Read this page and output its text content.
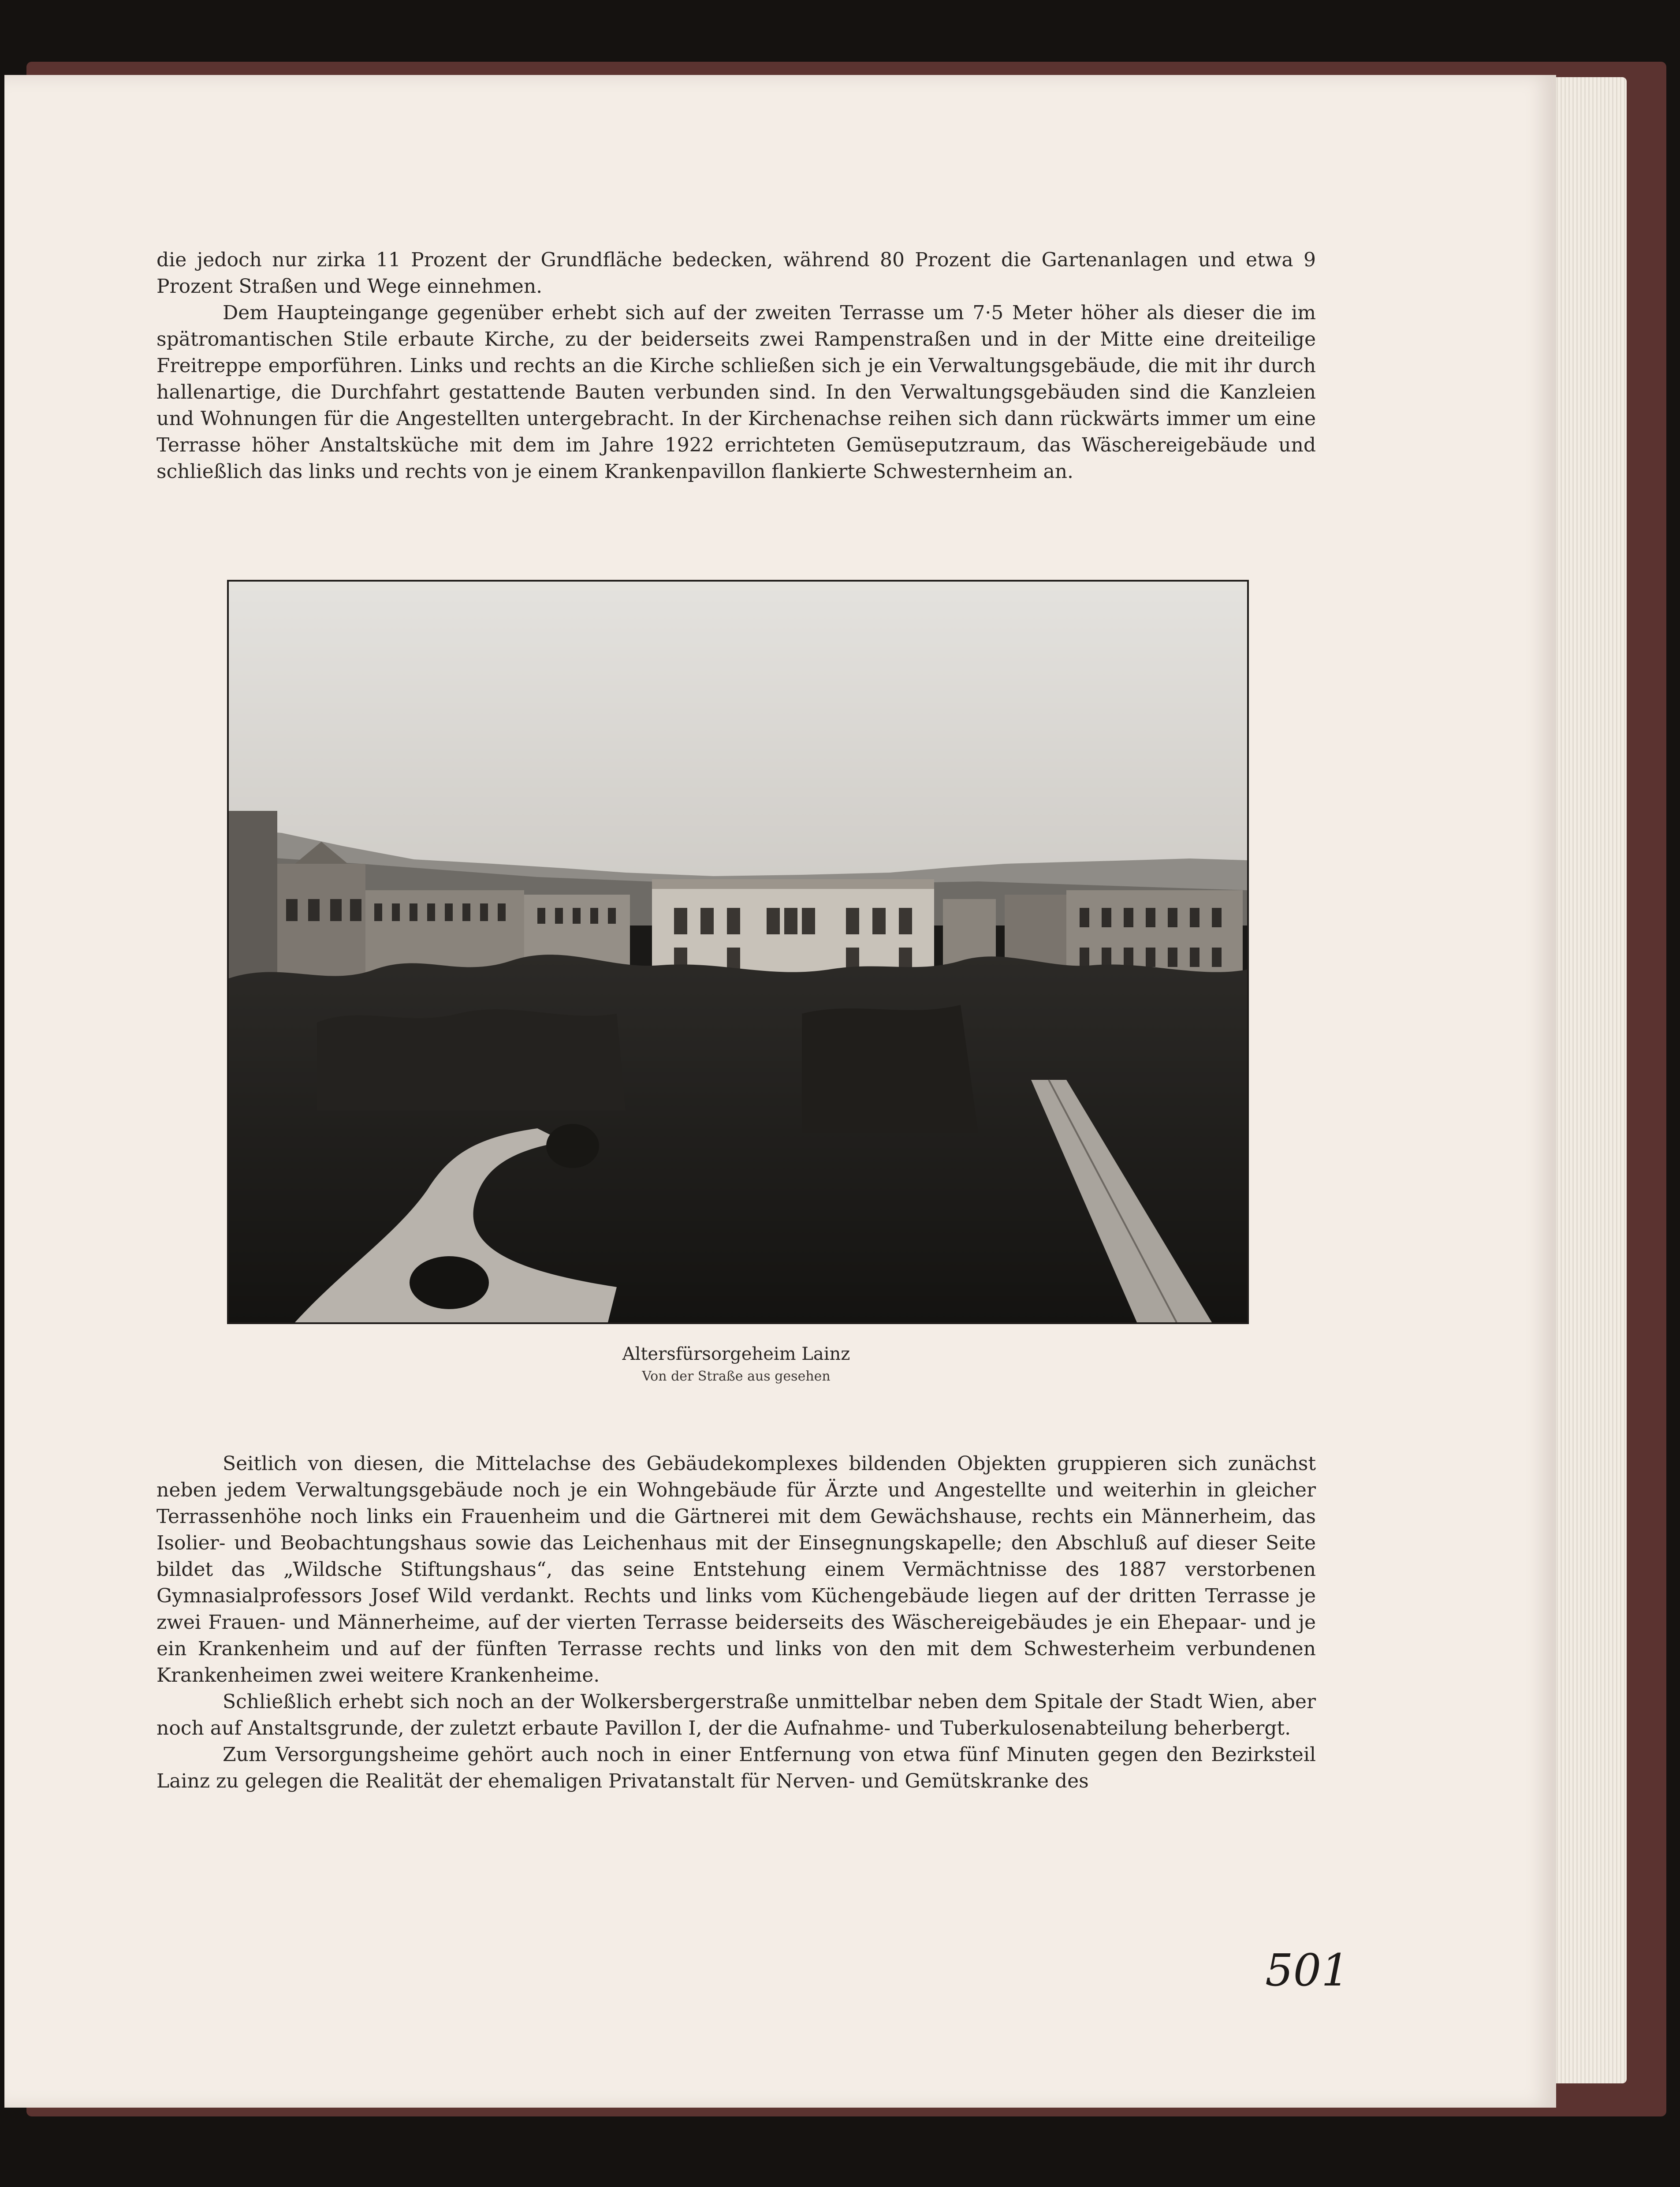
die jedoch nur zirka 11 Prozent der Grundfläche bedecken, während 80 Prozent die Gartenanlagen und etwa 9 Prozent Straßen und Wege einnehmen.

Dem Haupteingange gegenüber erhebt sich auf der zweiten Terrasse um 7·5 Meter höher als dieser die im spätromantischen Stile erbaute Kirche, zu der beiderseits zwei Rampenstraßen und in der Mitte eine dreiteilige Freitreppe emporführen. Links und rechts an die Kirche schließen sich je ein Verwaltungsgebäude, die mit ihr durch hallenartige, die Durchfahrt gestattende Bauten verbunden sind. In den Verwaltungsgebäuden sind die Kanzleien und Wohnungen für die Angestellten untergebracht. In der Kirchenachse reihen sich dann rückwärts immer um eine Terrasse höher Anstaltsküche mit dem im Jahre 1922 errichteten Gemüseputzraum, das Wäschereigebäude und schließlich das links und rechts von je einem Krankenpavillon flankierte Schwesternheim an.

Altersfürsorgeheim Lainz
Von der Straße aus gesehen

Seitlich von diesen, die Mittelachse des Gebäudekomplexes bildenden Objekten gruppieren sich zunächst neben jedem Verwaltungsgebäude noch je ein Wohngebäude für Ärzte und Angestellte und weiterhin in gleicher Terrassenhöhe noch links ein Frauenheim und die Gärtnerei mit dem Gewächshause, rechts ein Männerheim, das Isolier- und Beobachtungshaus sowie das Leichenhaus mit der Einsegnungskapelle; den Abschluß auf dieser Seite bildet das „Wildsche Stiftungshaus“, das seine Entstehung einem Vermächtnisse des 1887 verstorbenen Gymnasialprofessors Josef Wild verdankt. Rechts und links vom Küchengebäude liegen auf der dritten Terrasse je zwei Frauen- und Männerheime, auf der vierten Terrasse beiderseits des Wäschereigebäudes je ein Ehepaar- und je ein Krankenheim und auf der fünften Terrasse rechts und links von den mit dem Schwesterheim verbundenen Krankenheimen zwei weitere Krankenheime.

Schließlich erhebt sich noch an der Wolkersbergerstraße unmittelbar neben dem Spitale der Stadt Wien, aber noch auf Anstaltsgrunde, der zuletzt erbaute Pavillon I, der die Aufnahme- und Tuberkulosenabteilung beherbergt.

Zum Versorgungsheime gehört auch noch in einer Entfernung von etwa fünf Minuten gegen den Bezirksteil Lainz zu gelegen die Realität der ehemaligen Privatanstalt für Nerven- und Gemütskranke des

501
